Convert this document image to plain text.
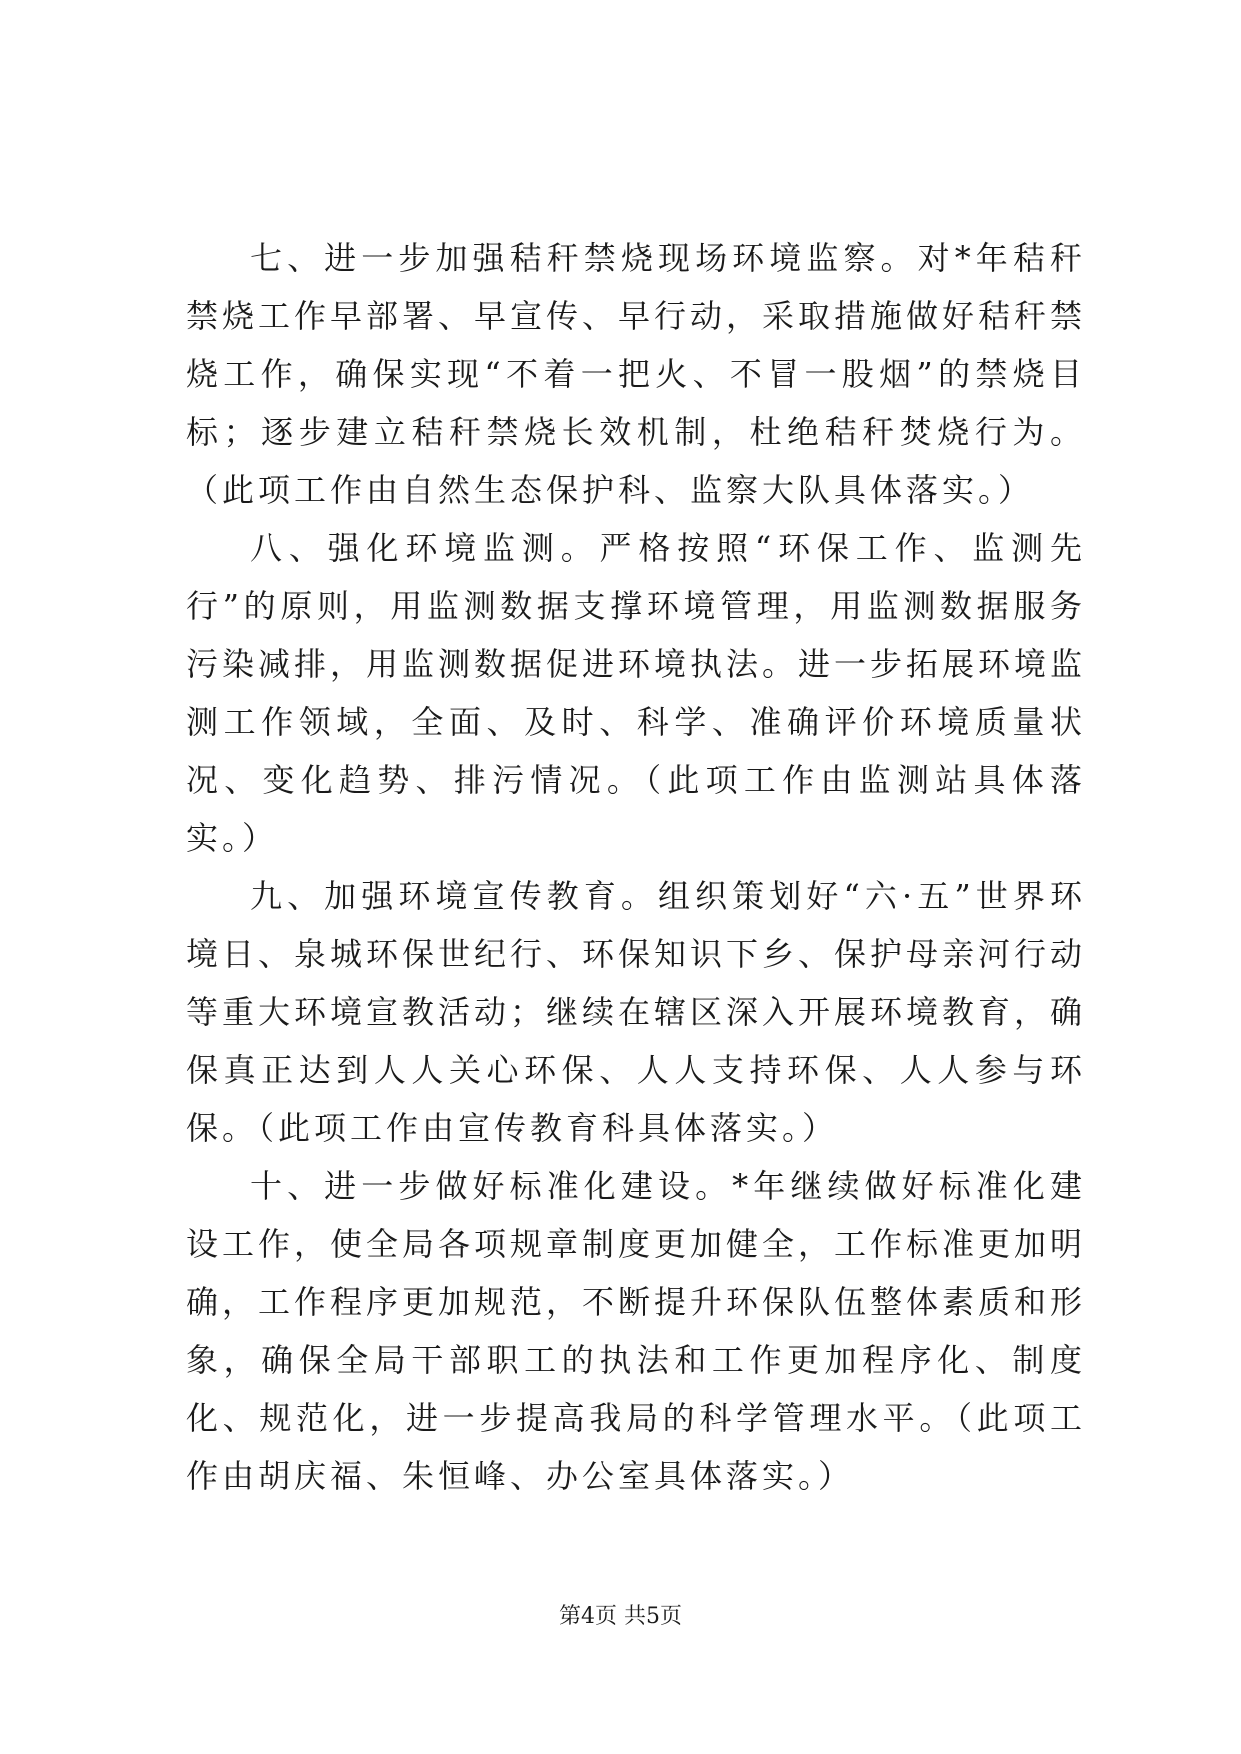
七、进一步加强秸秆禁烧现场环境监察。对*年秸秆禁烧工作早部署、早宣传、早行动，采取措施做好秸秆禁烧工作，确保实现“不着一把火、不冒一股烟”的禁烧目标；逐步建立秸秆禁烧长效机制，杜绝秸秆焚烧行为。（此项工作由自然生态保护科、监察大队具体落实。）

八、强化环境监测。严格按照“环保工作、监测先行”的原则，用监测数据支撑环境管理，用监测数据服务污染减排，用监测数据促进环境执法。进一步拓展环境监测工作领域，全面、及时、科学、准确评价环境质量状况、变化趋势、排污情况。（此项工作由监测站具体落实。）

九、加强环境宣传教育。组织策划好“六·五”世界环境日、泉城环保世纪行、环保知识下乡、保护母亲河行动等重大环境宣教活动；继续在辖区深入开展环境教育，确保真正达到人人关心环保、人人支持环保、人人参与环保。（此项工作由宣传教育科具体落实。）

十、进一步做好标准化建设。*年继续做好标准化建设工作，使全局各项规章制度更加健全，工作标准更加明确，工作程序更加规范，不断提升环保队伍整体素质和形象，确保全局干部职工的执法和工作更加程序化、制度化、规范化，进一步提高我局的科学管理水平。（此项工作由胡庆福、朱恒峰、办公室具体落实。）

第4页 共5页
